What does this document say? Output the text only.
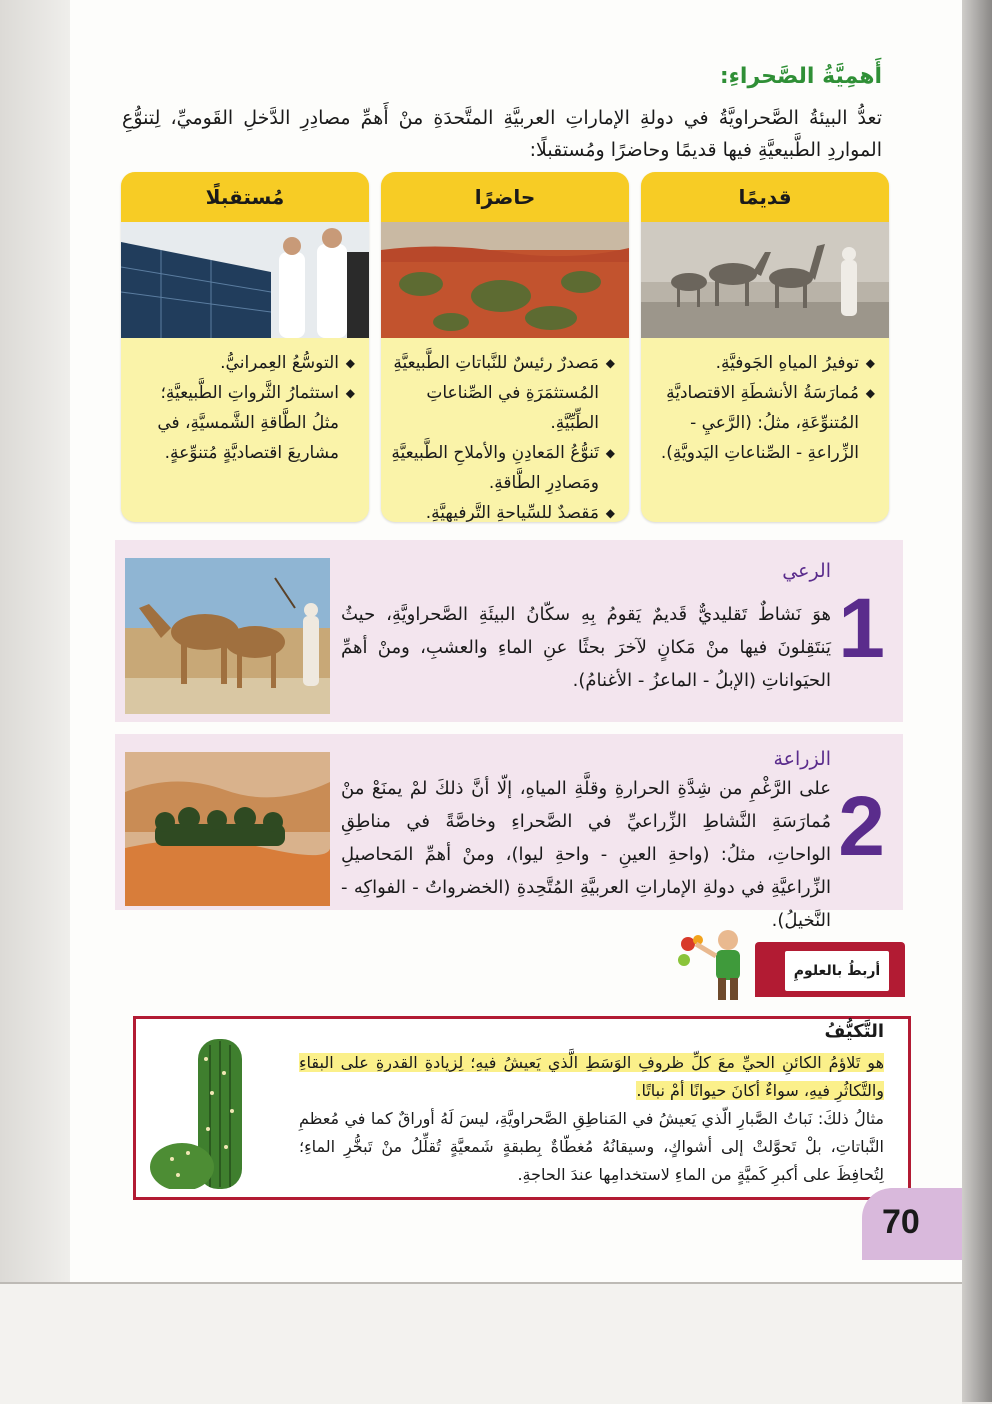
أَهمِيَّةُ الصَّحراءِ:
تعدُّ البيئةُ الصَّحراويَّةُ في دولةِ الإماراتِ العربيَّةِ المتَّحدَةِ منْ أَهمِّ مصادِرِ الدَّخلِ القَوميِّ، لِتنوُّعِ المواردِ الطَّبيعيَّةِ فيها قديمًا وحاضرًا ومُستقبلًا:
قديمًا
◆ توفيرُ المياهِ الجَوفيَّةِ.
◆ مُمارَسَةُ الأنشطَةِ الاقتصاديَّةِ المُتنوِّعَةِ، مثلُ: (الرَّعيِ - الزِّراعةِ - الصِّناعاتِ اليَدويَّةِ).
حاضرًا
◆ مَصدرٌ رئيسٌ للنَّباتاتِ الطَّبيعيَّةِ المُستثمَرَةِ في الصِّناعاتِ الطِّبِّيَّةِ.
◆ تَنوُّعُ المَعادِنِ والأملاحِ الطَّبيعيَّةِ ومَصادِرِ الطَّاقةِ.
◆ مَقصدٌ للسِّياحةِ التَّرفيهيَّةِ.
مُستقبلًا
◆ التوسُّعُ العِمرانيُّ.
◆ استثمارُ الثَّرواتِ الطَّبيعيَّةِ؛ مثلُ الطَّاقةِ الشَّمسيَّةِ، في مشاريعَ اقتصاديَّةٍ مُتنوِّعةٍ.
1
الرعي
هوَ نَشاطٌ تَقليديٌّ قَديمٌ يَقومُ بِهِ سكّانُ البيئَةِ الصَّحراويَّةِ، حيثُ يَنتَقِلونَ فيها منْ مَكانٍ لآخرَ بحثًا عنِ الماءِ والعشبِ، ومنْ أهمِّ الحيَواناتِ (الإبلُ - الماعزُ - الأغنامُ).
2
الزراعة
على الرَّغْمِ من شِدَّةِ الحرارةِ وقلَّةِ المياهِ، إلّا أنَّ ذلكَ لمْ يمنَعْ منْ مُمارَسَةِ النَّشاطِ الزِّراعيِّ في الصَّحراءِ وخاصَّةً في مناطِقِ الواحاتِ، مثلُ: (واحةِ العينِ - واحةِ ليوا)، ومنْ أهمِّ المَحاصيلِ الزِّراعيَّةِ في دولةِ الإماراتِ العربيَّةِ المُتَّحِدةِ (الخضرواتُ - الفواكِه - النَّخيلُ).
أربطُ بالعلومِ
التَّكيُّفُ
هو تَلاؤمُ الكائنِ الحيِّ معَ كلِّ ظروفِ الوَسَطِ الَّذي يَعيشُ فيهِ؛ لِزيادةِ القدرةِ على البقاءِ والتَّكاثُرِ فيهِ، سواءٌ أكانَ حيوانًا أمْ نباتًا.
مثالُ ذلكَ: نَباتُ الصَّبارِ الّذي يَعيشُ في المَناطِقِ الصَّحراويَّةِ، ليسَ لَهُ أوراقٌ كما في مُعظمِ النَّباتاتِ، بلْ تَحوَّلتْ إلى أشواكٍ، وسيقانُهُ مُغطّاةٌ بِطبقةٍ شَمعيَّةٍ تُقلِّلُ منْ تَبخُّرِ الماءِ؛ لِتُحافِظَ على أكبرِ كَميَّةٍ من الماءِ لاستخدامِها عندَ الحاجةِ.
70
